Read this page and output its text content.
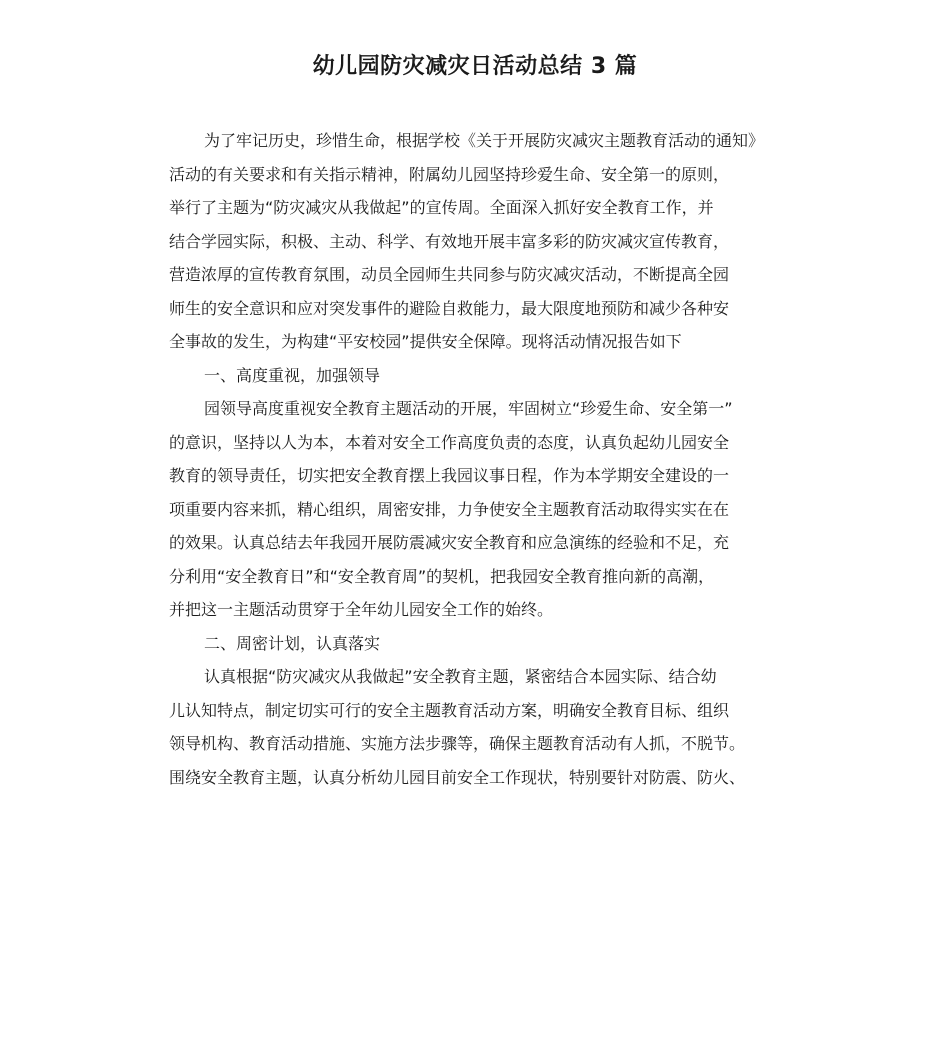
幼儿园防灾减灾日活动总结 3 篇

为了牢记历史，珍惜生命，根据学校《关于开展防灾减灾主题教育活动的通知》

活动的有关要求和有关指示精神，附属幼儿园坚持珍爱生命、安全第一的原则，

举行了主题为“防灾减灾从我做起”的宣传周。全面深入抓好安全教育工作，并

结合学园实际，积极、主动、科学、有效地开展丰富多彩的防灾减灾宣传教育，

营造浓厚的宣传教育氛围，动员全园师生共同参与防灾减灾活动，不断提高全园

师生的安全意识和应对突发事件的避险自救能力，最大限度地预防和减少各种安

全事故的发生，为构建“平安校园”提供安全保障。现将活动情况报告如下

一、高度重视，加强领导

园领导高度重视安全教育主题活动的开展，牢固树立“珍爱生命、安全第一”

的意识，坚持以人为本，本着对安全工作高度负责的态度，认真负起幼儿园安全

教育的领导责任，切实把安全教育摆上我园议事日程，作为本学期安全建设的一

项重要内容来抓，精心组织，周密安排，力争使安全主题教育活动取得实实在在

的效果。认真总结去年我园开展防震减灾安全教育和应急演练的经验和不足，充

分利用“安全教育日”和“安全教育周”的契机，把我园安全教育推向新的高潮，

并把这一主题活动贯穿于全年幼儿园安全工作的始终。

二、周密计划，认真落实

认真根据“防灾减灾从我做起”安全教育主题，紧密结合本园实际、结合幼

儿认知特点，制定切实可行的安全主题教育活动方案，明确安全教育目标、组织

领导机构、教育活动措施、实施方法步骤等，确保主题教育活动有人抓，不脱节。

围绕安全教育主题，认真分析幼儿园目前安全工作现状，特别要针对防震、防火、
